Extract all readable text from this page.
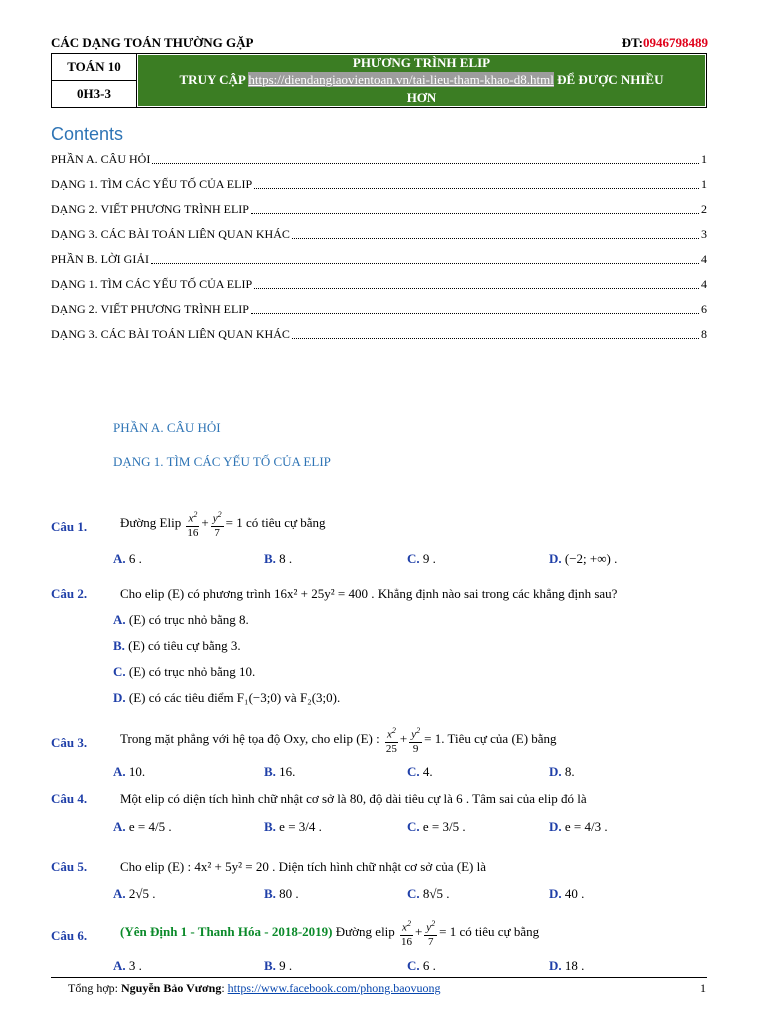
CÁC DẠNG TOÁN THƯỜNG GẶP	ĐT:0946798489
TOÁN 10
0H3-3
PHƯƠNG TRÌNH ELIP
TRUY CẬP https://diendangiaovientoan.vn/tai-lieu-tham-khao-d8.html ĐỂ ĐƯỢC NHIỀU
HƠN
Contents
PHẦN A. CÂU HỎI	1
DẠNG 1. TÌM CÁC YẾU TỐ CỦA ELIP	1
DẠNG 2. VIẾT PHƯƠNG TRÌNH ELIP	2
DẠNG 3. CÁC BÀI TOÁN LIÊN QUAN KHÁC	3
PHẦN B. LỜI GIẢI	4
DẠNG 1. TÌM CÁC YẾU TỐ CỦA ELIP	4
DẠNG 2. VIẾT PHƯƠNG TRÌNH ELIP	6
DẠNG 3. CÁC BÀI TOÁN LIÊN QUAN KHÁC	8
PHẦN A. CÂU HỎI
DẠNG 1. TÌM CÁC YẾU TỐ CỦA ELIP
Câu 1.	Đường Elip $\frac{x^2}{16} + \frac{y^2}{7} = 1$ có tiêu cự bằng
A. 6 .	B. 8 .	C. 9 .	D. (−2; +∞) .
Câu 2.	Cho elip (E) có phương trình 16x² + 25y² = 400 . Khẳng định nào sai trong các khẳng định sau?
A. (E) có trục nhỏ bằng 8.
B. (E) có tiêu cự bằng 3.
C. (E) có trục nhỏ bằng 10.
D. (E) có các tiêu điểm F₁(−3;0) và F₂(3;0).
Câu 3.	Trong mặt phẳng với hệ tọa độ Oxy, cho elip (E) : $\frac{x^2}{25} + \frac{y^2}{9} = 1$. Tiêu cự của (E) bằng
A. 10.	B. 16.	C. 4.	D. 8.
Câu 4.	Một elip có diện tích hình chữ nhật cơ sở là 80, độ dài tiêu cự là 6 . Tâm sai của elip đó là
A. e = 4/5 .	B. e = 3/4 .	C. e = 3/5 .	D. e = 4/3 .
Câu 5.	Cho elip (E) : 4x² + 5y² = 20 . Diện tích hình chữ nhật cơ sở của (E) là
A. 2√5 .	B. 80 .	C. 8√5 .	D. 40 .
Câu 6.	(Yên Định 1 - Thanh Hóa - 2018-2019) Đường elip $\frac{x^2}{16} + \frac{y^2}{7} = 1$ có tiêu cự bằng
A. 3 .	B. 9 .	C. 6 .	D. 18 .
Tổng hợp: Nguyễn Bảo Vương: https://www.facebook.com/phong.baovuong	1
